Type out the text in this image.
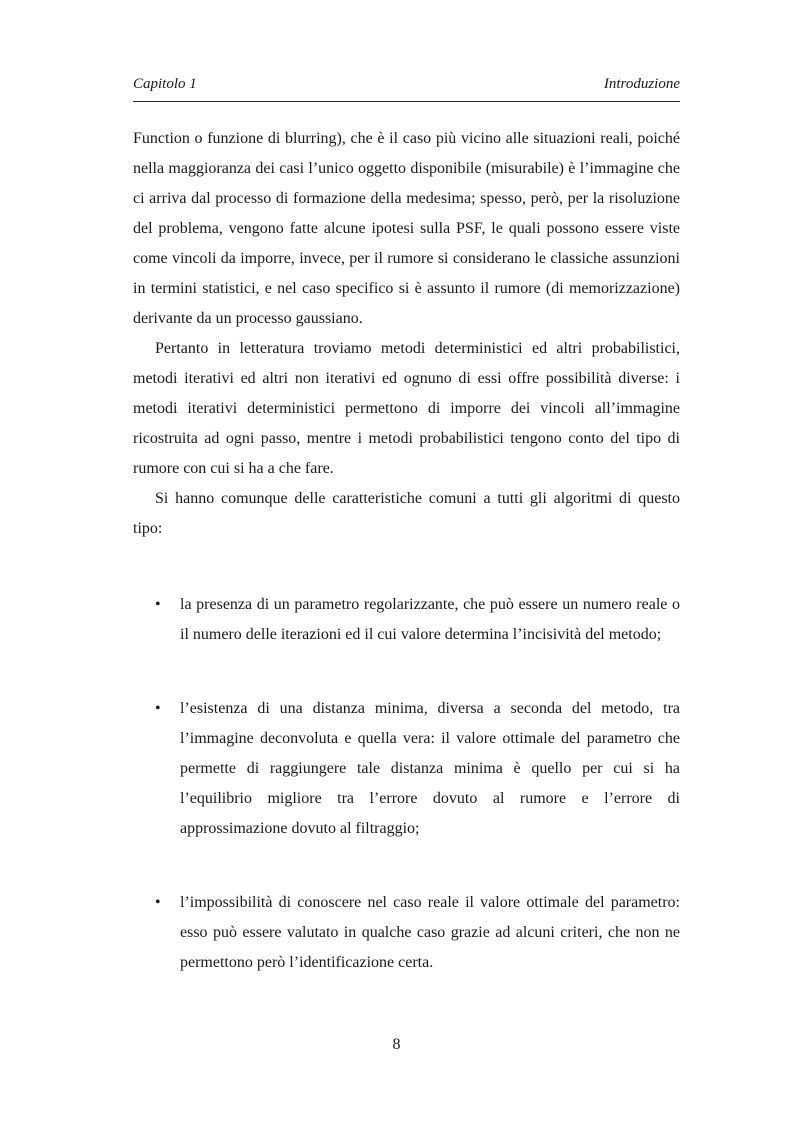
Capitolo 1	Introduzione

Function o funzione di blurring), che è il caso più vicino alle situazioni reali, poiché nella maggioranza dei casi l’unico oggetto disponibile (misurabile) è l’immagine che ci arriva dal processo di formazione della medesima; spesso, però, per la risoluzione del problema, vengono fatte alcune ipotesi sulla PSF, le quali possono essere viste come vincoli da imporre, invece, per il rumore si considerano le classiche assunzioni in termini statistici, e nel caso specifico si è assunto il rumore (di memorizzazione) derivante da un processo gaussiano.

Pertanto in letteratura troviamo metodi deterministici ed altri probabilistici, metodi iterativi ed altri non iterativi ed ognuno di essi offre possibilità diverse: i metodi iterativi deterministici permettono di imporre dei vincoli all’immagine ricostruita ad ogni passo, mentre i metodi probabilistici tengono conto del tipo di rumore con cui si ha a che fare.

Si hanno comunque delle caratteristiche comuni a tutti gli algoritmi di questo tipo:

• la presenza di un parametro regolarizzante, che può essere un numero reale o il numero delle iterazioni ed il cui valore determina l’incisività del metodo;
• l’esistenza di una distanza minima, diversa a seconda del metodo, tra l’immagine deconvoluta e quella vera: il valore ottimale del parametro che permette di raggiungere tale distanza minima è quello per cui si ha l’equilibrio migliore tra l’errore dovuto al rumore e l’errore di approssimazione dovuto al filtraggio;
• l’impossibilità di conoscere nel caso reale il valore ottimale del parametro: esso può essere valutato in qualche caso grazie ad alcuni criteri, che non ne permettono però l’identificazione certa.
8
